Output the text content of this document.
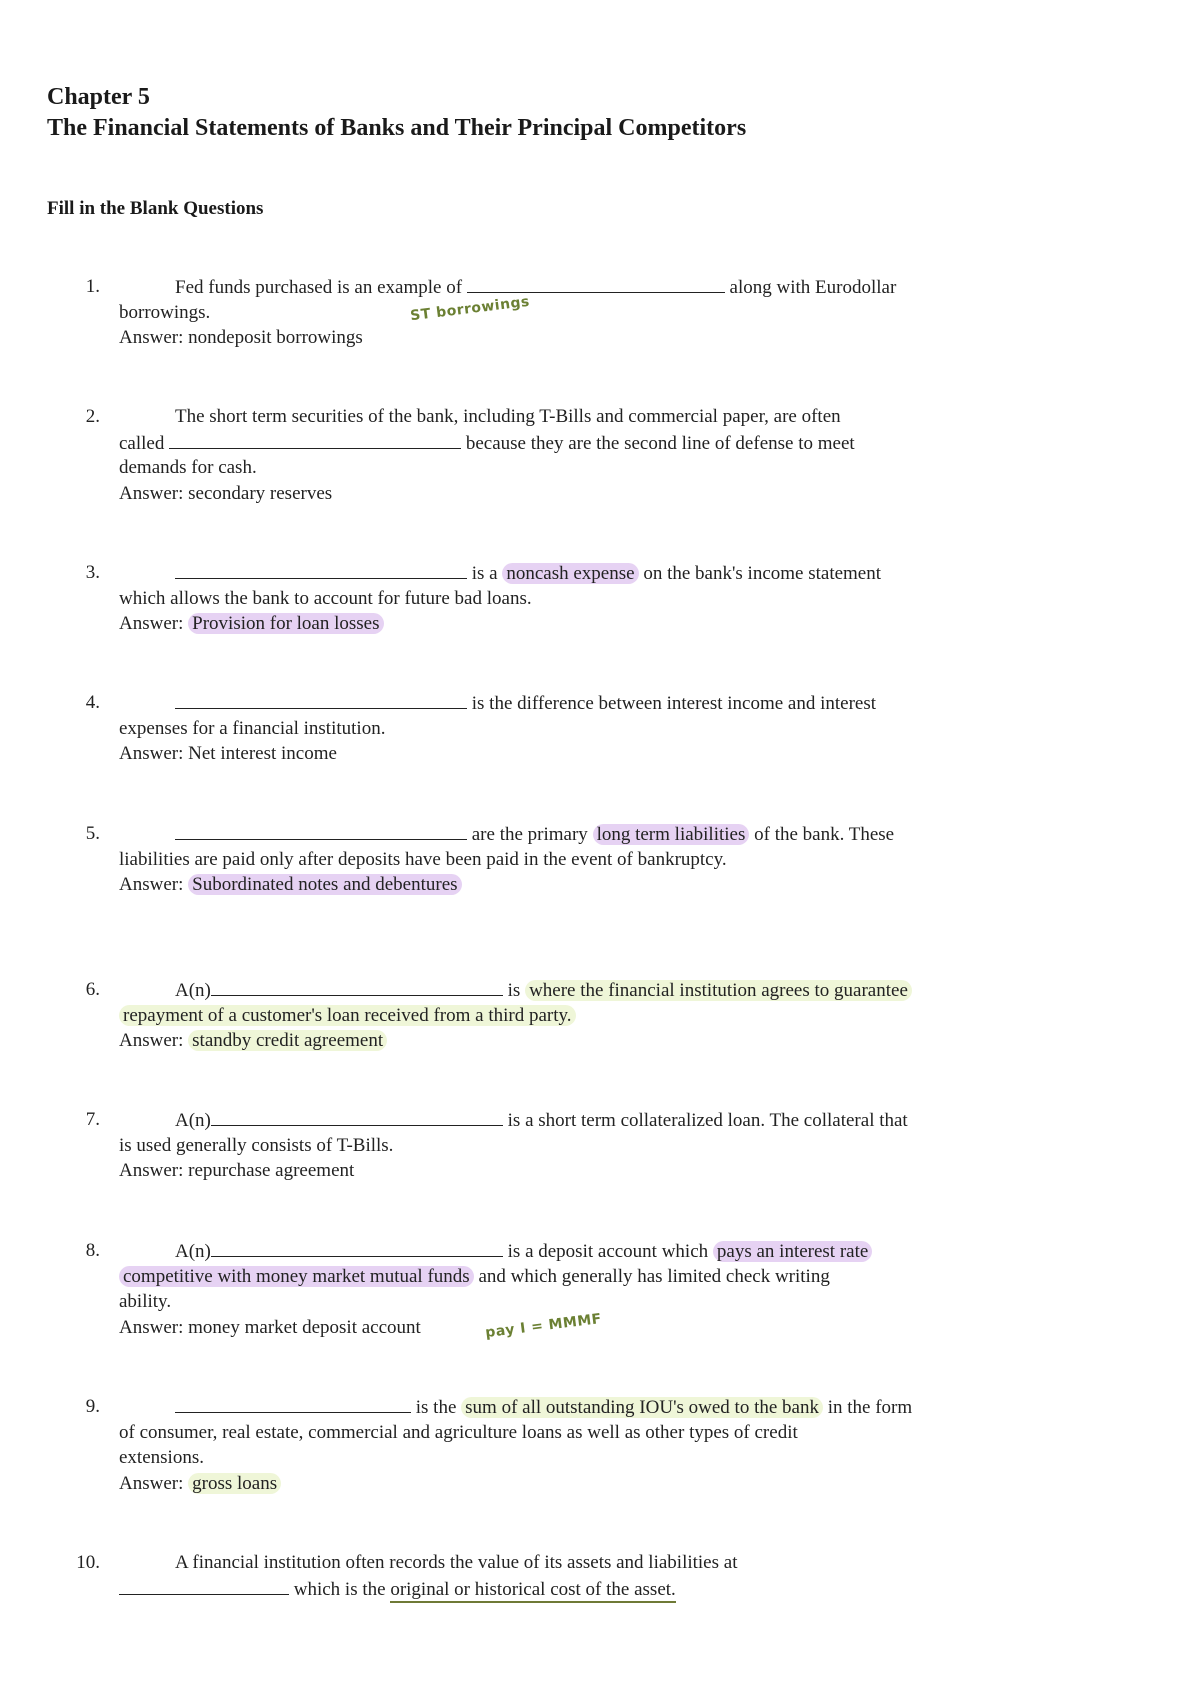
Chapter 5
The Financial Statements of Banks and Their Principal Competitors
Fill in the Blank Questions
1.	Fed funds purchased is an example of	along with Eurodollar
borrowings.
Answer: nondeposit borrowings
ST borrowings
2.	The short term securities of the bank, including T-Bills and commercial paper, are often
called	because they are the second line of defense to meet
demands for cash.
Answer: secondary reserves
3.	is a noncash expense on the bank's income statement
which allows the bank to account for future bad loans.
Answer: Provision for loan losses
4.	is the difference between interest income and interest
expenses for a financial institution.
Answer: Net interest income
5.	are the primary long term liabilities of the bank. These
liabilities are paid only after deposits have been paid in the event of bankruptcy.
Answer: Subordinated notes and debentures
6.	A(n)	is where the financial institution agrees to guarantee
repayment of a customer's loan received from a third party.
Answer: standby credit agreement
7.	A(n)	is a short term collateralized loan. The collateral that
is used generally consists of T-Bills.
Answer: repurchase agreement
8.	A(n)	is a deposit account which pays an interest rate
competitive with money market mutual funds and which generally has limited check writing
ability.
Answer: money market deposit account	pay I = MMMF
9.	is the sum of all outstanding IOU's owed to the bank in the form
of consumer, real estate, commercial and agriculture loans as well as other types of credit
extensions.
Answer: gross loans
10.	A financial institution often records the value of its assets and liabilities at
which is the original or historical cost of the asset.
